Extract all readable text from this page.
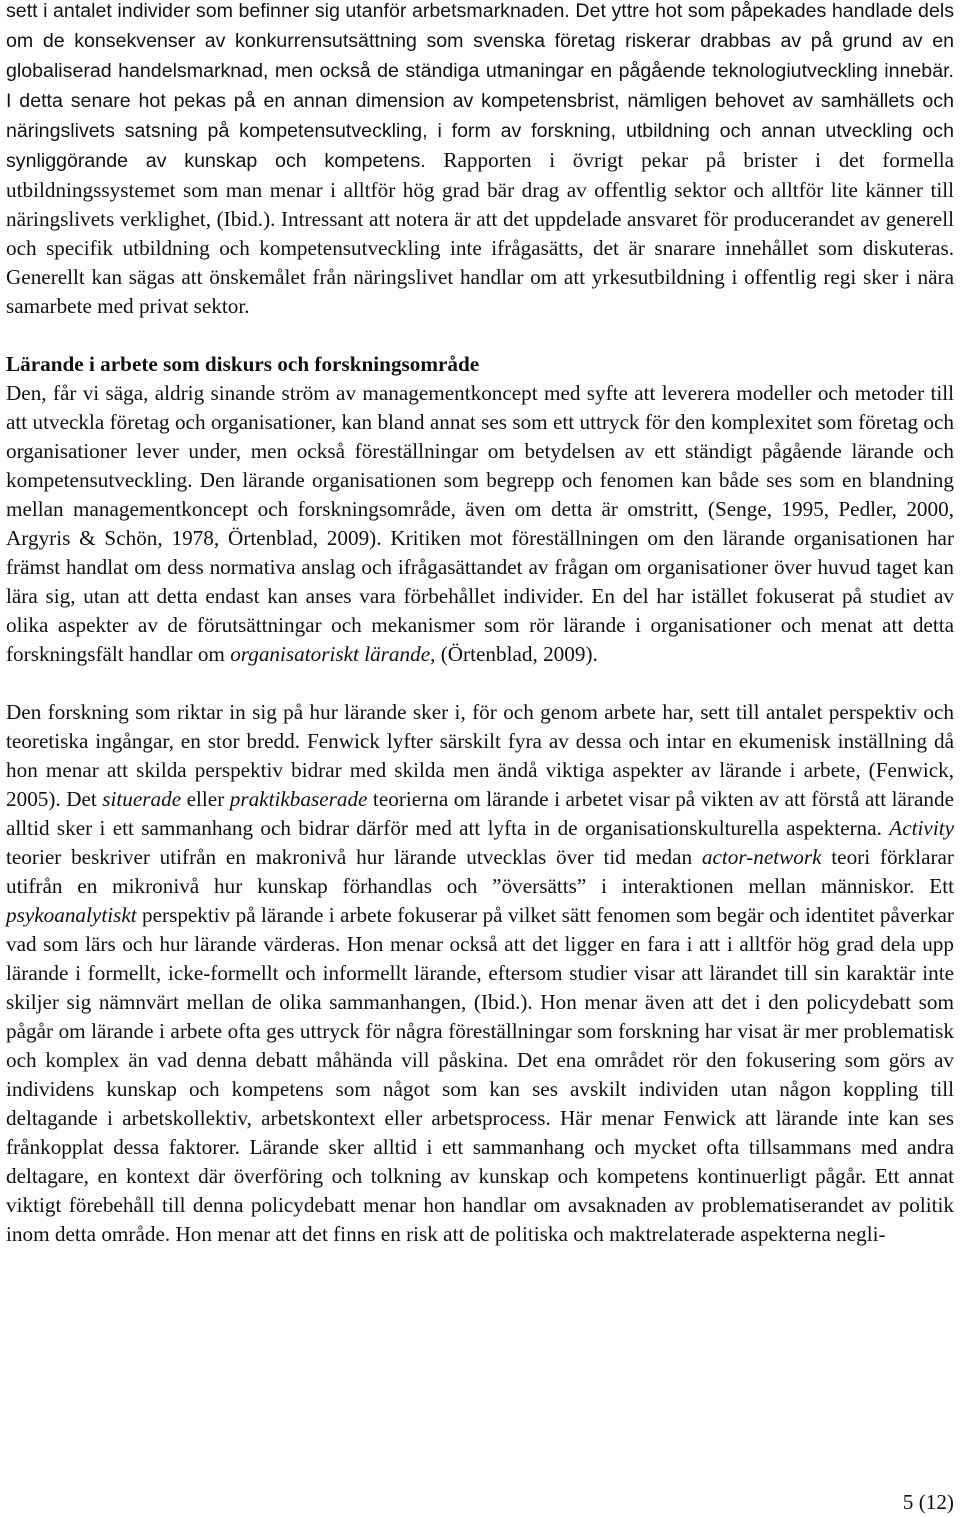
sett i antalet individer som befinner sig utanför arbetsmarknaden. Det yttre hot som påpekades handlade dels om de konsekvenser av konkurrensutsättning som svenska företag riskerar drabbas av på grund av en globaliserad handelsmarknad, men också de ständiga utmaningar en pågående teknologiutveckling innebär. I detta senare hot pekas på en annan dimension av kompetensbrist, nämligen behovet av samhällets och näringslivets satsning på kompetensutveckling, i form av forskning, utbildning och annan utveckling och synliggörande av kunskap och kompetens. Rapporten i övrigt pekar på brister i det formella utbildningssystemet som man menar i alltför hög grad bär drag av offentlig sektor och alltför lite känner till näringslivets verklighet, (Ibid.). Intressant att notera är att det uppdelade ansvaret för producerandet av generell och specifik utbildning och kompetensutveckling inte ifrågasätts, det är snarare innehållet som diskuteras. Generellt kan sägas att önskemålet från näringslivet handlar om att yrkesutbildning i offentlig regi sker i nära samarbete med privat sektor.

Lärande i arbete som diskurs och forskningsområde

Den, får vi säga, aldrig sinande ström av managementkoncept med syfte att leverera modeller och metoder till att utveckla företag och organisationer, kan bland annat ses som ett uttryck för den komplexitet som företag och organisationer lever under, men också föreställningar om betydelsen av ett ständigt pågående lärande och kompetensutveckling. Den lärande organisationen som begrepp och fenomen kan både ses som en blandning mellan managementkoncept och forskningsområde, även om detta är omstritt, (Senge, 1995, Pedler, 2000, Argyris & Schön, 1978, Örtenblad, 2009). Kritiken mot föreställningen om den lärande organisationen har främst handlat om dess normativa anslag och ifrågasättandet av frågan om organisationer över huvud taget kan lära sig, utan att detta endast kan anses vara förbehållet individer. En del har istället fokuserat på studiet av olika aspekter av de förutsättningar och mekanismer som rör lärande i organisationer och menat att detta forskningsfält handlar om organisatoriskt lärande, (Örtenblad, 2009).

Den forskning som riktar in sig på hur lärande sker i, för och genom arbete har, sett till antalet perspektiv och teoretiska ingångar, en stor bredd. Fenwick lyfter särskilt fyra av dessa och intar en ekumenisk inställning då hon menar att skilda perspektiv bidrar med skilda men ändå viktiga aspekter av lärande i arbete, (Fenwick, 2005). Det situerade eller praktikbaserade teorierna om lärande i arbetet visar på vikten av att förstå att lärande alltid sker i ett sammanhang och bidrar därför med att lyfta in de organisationskulturella aspekterna. Activity teorier beskriver utifrån en makronivå hur lärande utvecklas över tid medan actor-network teori förklarar utifrån en mikronivå hur kunskap förhandlas och ”översätts” i interaktionen mellan människor. Ett psykoanalytiskt perspektiv på lärande i arbete fokuserar på vilket sätt fenomen som begär och identitet påverkar vad som lärs och hur lärande värderas. Hon menar också att det ligger en fara i att i alltför hög grad dela upp lärande i formellt, icke-formellt och informellt lärande, eftersom studier visar att lärandet till sin karaktär inte skiljer sig nämnvärt mellan de olika sammanhangen, (Ibid.). Hon menar även att det i den policydebatt som pågår om lärande i arbete ofta ges uttryck för några föreställningar som forskning har visat är mer problematisk och komplex än vad denna debatt måhända vill påskina. Det ena området rör den fokusering som görs av individens kunskap och kompetens som något som kan ses avskilt individen utan någon koppling till deltagande i arbetskollektiv, arbetskontext eller arbetsprocess. Här menar Fenwick att lärande inte kan ses frånkopplat dessa faktorer. Lärande sker alltid i ett sammanhang och mycket ofta tillsammans med andra deltagare, en kontext där överföring och tolkning av kunskap och kompetens kontinuerligt pågår. Ett annat viktigt förebehåll till denna policydebatt menar hon handlar om avsaknaden av problematiserandet av politik inom detta område. Hon menar att det finns en risk att de politiska och maktrelaterade aspekterna negli-

5 (12)
